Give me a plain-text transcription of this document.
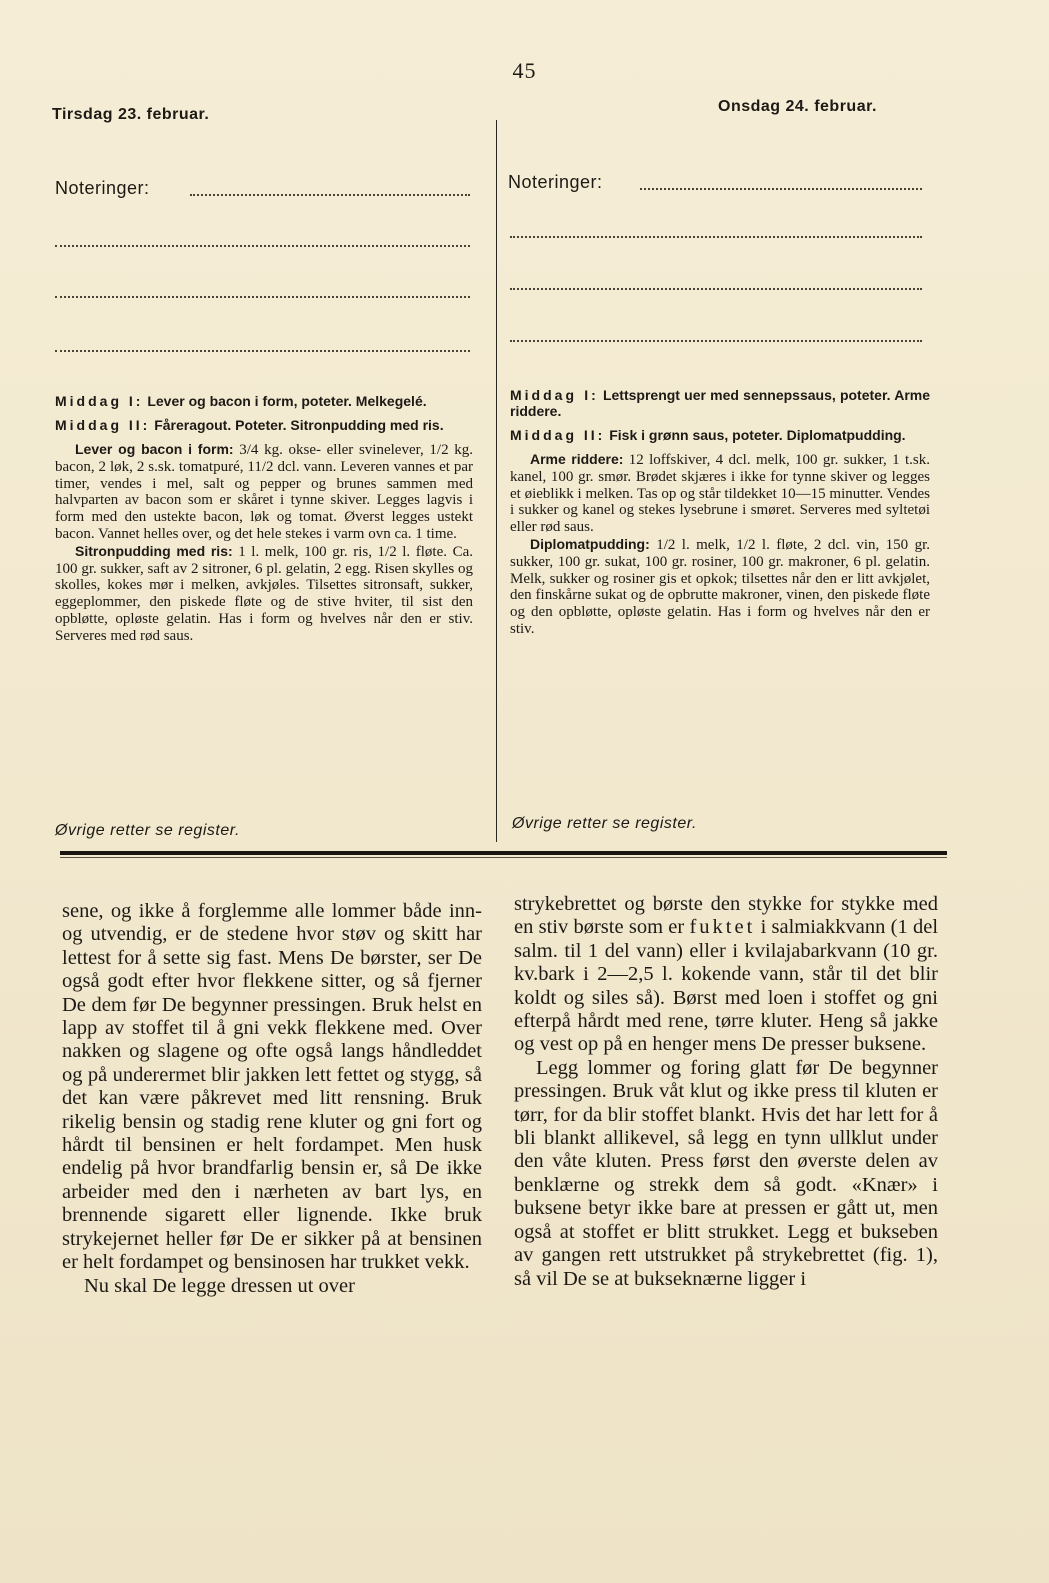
45
Tirsdag 23. februar.	Onsdag 24. februar.
Noteringer:	Noteringer:

Middag I: Lever og bacon i form, poteter. Melkegelé.

Middag II: Fåreragout. Poteter. Sitronpudding med ris.

Lever og bacon i form: 3/4 kg. okse- eller svinelever, 1/2 kg. bacon, 2 løk, 2 s.sk. tomatpuré, 11/2 dcl. vann. Leveren vannes et par timer, vendes i mel, salt og pepper og brunes sammen med halvparten av bacon som er skåret i tynne skiver. Legges lagvis i form med den ustekte bacon, løk og tomat. Øverst legges ustekt bacon. Vannet helles over, og det hele stekes i varm ovn ca. 1 time.

Sitronpudding med ris: 1 l. melk, 100 gr. ris, 1/2 l. fløte. Ca. 100 gr. sukker, saft av 2 sitroner, 6 pl. gelatin, 2 egg. Risen skylles og skolles, kokes mør i melken, avkjøles. Tilsettes sitronsaft, sukker, eggeplommer, den piskede fløte og de stive hviter, til sist den opbløtte, opløste gelatin. Has i form og hvelves når den er stiv. Serveres med rød saus.

Øvrige retter se register.

Middag I: Lettsprengt uer med sennepssaus, poteter. Arme riddere.

Middag II: Fisk i grønn saus, poteter. Diplomatpudding.

Arme riddere: 12 loffskiver, 4 dcl. melk, 100 gr. sukker, 1 t.sk. kanel, 100 gr. smør. Brødet skjæres i ikke for tynne skiver og legges et øieblikk i melken. Tas op og står tildekket 10—15 minutter. Vendes i sukker og kanel og stekes lysebrune i smøret. Serveres med syltetøi eller rød saus.

Diplomatpudding: 1/2 l. melk, 1/2 l. fløte, 2 dcl. vin, 150 gr. sukker, 100 gr. sukat, 100 gr. rosiner, 100 gr. makroner, 6 pl. gelatin. Melk, sukker og rosiner gis et opkok; tilsettes når den er litt avkjølet, den finskårne sukat og de opbrutte makroner, vinen, den piskede fløte og den opbløtte, opløste gelatin. Has i form og hvelves når den er stiv.

Øvrige retter se register.

sene, og ikke å forglemme alle lommer både inn- og utvendig, er de stedene hvor støv og skitt har lettest for å sette sig fast. Mens De børster, ser De også godt efter hvor flekkene sitter, og så fjerner De dem før De begynner pressingen. Bruk helst en lapp av stoffet til å gni vekk flekkene med. Over nakken og slagene og ofte også langs håndleddet og på underermet blir jakken lett fettet og stygg, så det kan være påkrevet med litt rensning. Bruk rikelig bensin og stadig rene kluter og gni fort og hårdt til bensinen er helt fordampet. Men husk endelig på hvor brandfarlig bensin er, så De ikke arbeider med den i nærheten av bart lys, en brennende sigarett eller lignende. Ikke bruk strykejernet heller før De er sikker på at bensinen er helt fordampet og bensinosen har trukket vekk.

Nu skal De legge dressen ut over

strykebrettet og børste den stykke for stykke med en stiv børste som er fuktet i salmiakkvann (1 del salm. til 1 del vann) eller i kvilajabarkvann (10 gr. kv.bark i 2—2,5 l. kokende vann, står til det blir koldt og siles så). Børst med loen i stoffet og gni efterpå hårdt med rene, tørre kluter. Heng så jakke og vest op på en henger mens De presser buksene.

Legg lommer og foring glatt før De begynner pressingen. Bruk våt klut og ikke press til kluten er tørr, for da blir stoffet blankt. Hvis det har lett for å bli blankt allikevel, så legg en tynn ullklut under den våte kluten. Press først den øverste delen av benklærne og strekk dem så godt. «Knær» i buksene betyr ikke bare at pressen er gått ut, men også at stoffet er blitt strukket. Legg et bukseben av gangen rett utstrukket på strykebrettet (fig. 1), så vil De se at bukseknærne ligger i
